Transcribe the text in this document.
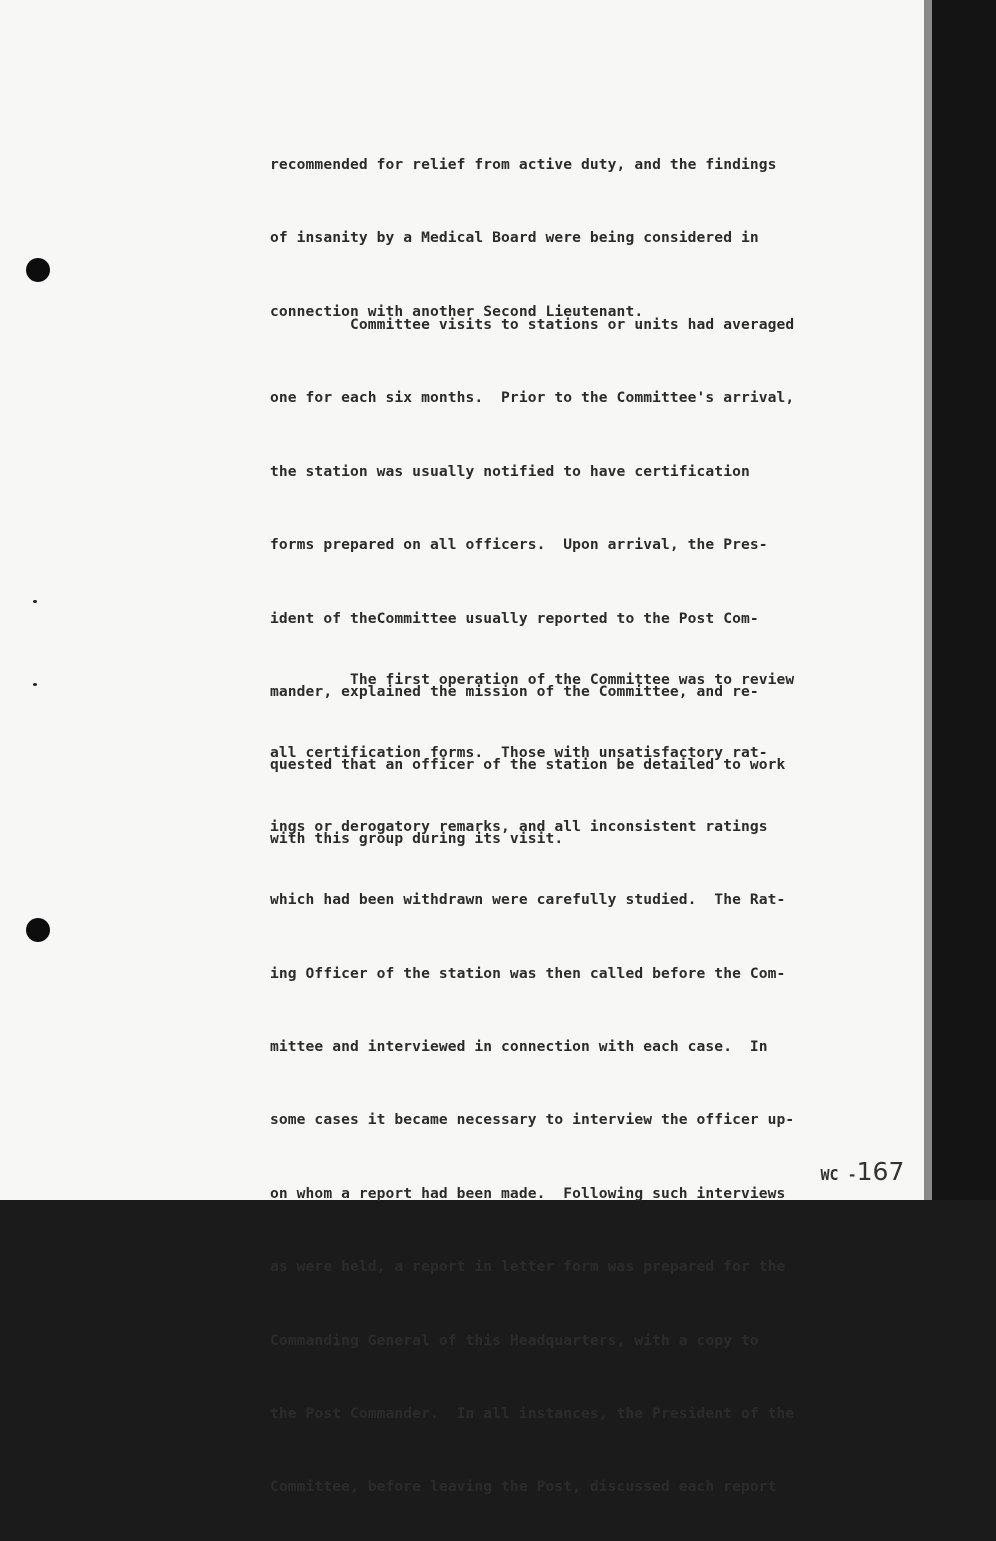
recommended for relief from active duty, and the findings

of insanity by a Medical Board were being considered in

connection with another Second Lieutenant.

Committee visits to stations or units had averaged

one for each six months.  Prior to the Committee's arrival,

the station was usually notified to have certification

forms prepared on all officers.  Upon arrival, the Pres-

ident of theCommittee usually reported to the Post Com-

mander, explained the mission of the Committee, and re-

quested that an officer of the station be detailed to work

with this group during its visit.

The first operation of the Committee was to review

all certification forms.  Those with unsatisfactory rat-

ings or derogatory remarks, and all inconsistent ratings

which had been withdrawn were carefully studied.  The Rat-

ing Officer of the station was then called before the Com-

mittee and interviewed in connection with each case.  In

some cases it became necessary to interview the officer up-

on whom a report had been made.  Following such interviews

as were held, a report in letter form was prepared for the

Commanding General of this Headquarters, with a copy to

the Post Commander.  In all instances, the President of the

Committee, before leaving the Post, discussed each report

WC -167
